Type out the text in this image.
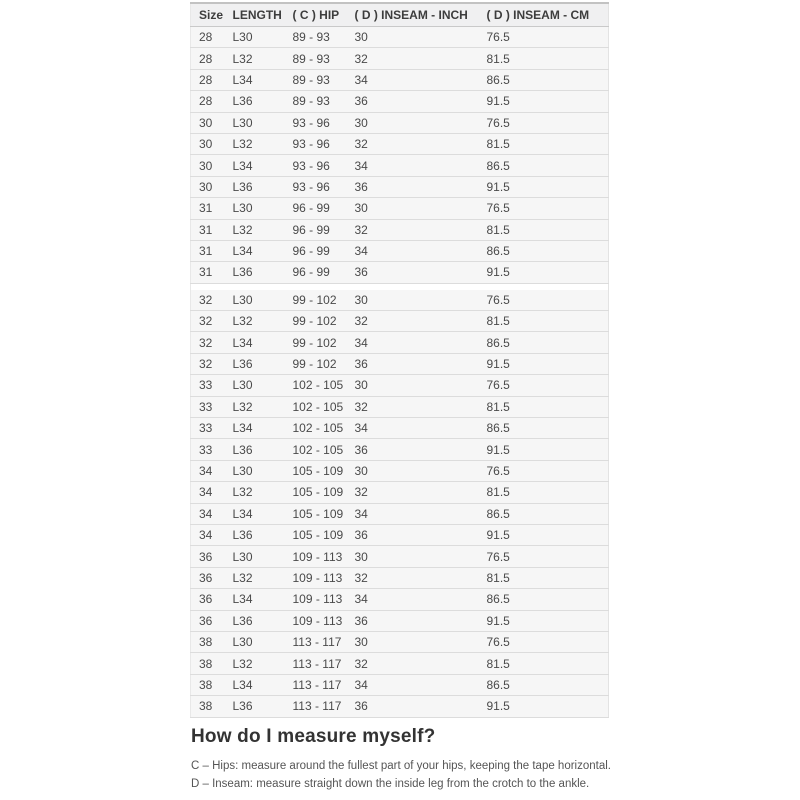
Size	LENGTH	( C ) HIP	( D ) INSEAM - INCH	( D ) INSEAM - CM
28	L30	89 - 93	30	76.5
28	L32	89 - 93	32	81.5
28	L34	89 - 93	34	86.5
28	L36	89 - 93	36	91.5
30	L30	93 - 96	30	76.5
30	L32	93 - 96	32	81.5
30	L34	93 - 96	34	86.5
30	L36	93 - 96	36	91.5
31	L30	96 - 99	30	76.5
31	L32	96 - 99	32	81.5
31	L34	96 - 99	34	86.5
31	L36	96 - 99	36	91.5

32	L30	99 - 102	30	76.5
32	L32	99 - 102	32	81.5
32	L34	99 - 102	34	86.5
32	L36	99 - 102	36	91.5
33	L30	102 - 105	30	76.5
33	L32	102 - 105	32	81.5
33	L34	102 - 105	34	86.5
33	L36	102 - 105	36	91.5
34	L30	105 - 109	30	76.5
34	L32	105 - 109	32	81.5
34	L34	105 - 109	34	86.5
34	L36	105 - 109	36	91.5
36	L30	109 - 113	30	76.5
36	L32	109 - 113	32	81.5
36	L34	109 - 113	34	86.5
36	L36	109 - 113	36	91.5
38	L30	113 - 117	30	76.5
38	L32	113 - 117	32	81.5
38	L34	113 - 117	34	86.5
38	L36	113 - 117	36	91.5
How do I measure myself?

C – Hips: measure around the fullest part of your hips, keeping the tape horizontal.

D – Inseam: measure straight down the inside leg from the crotch to the ankle.
